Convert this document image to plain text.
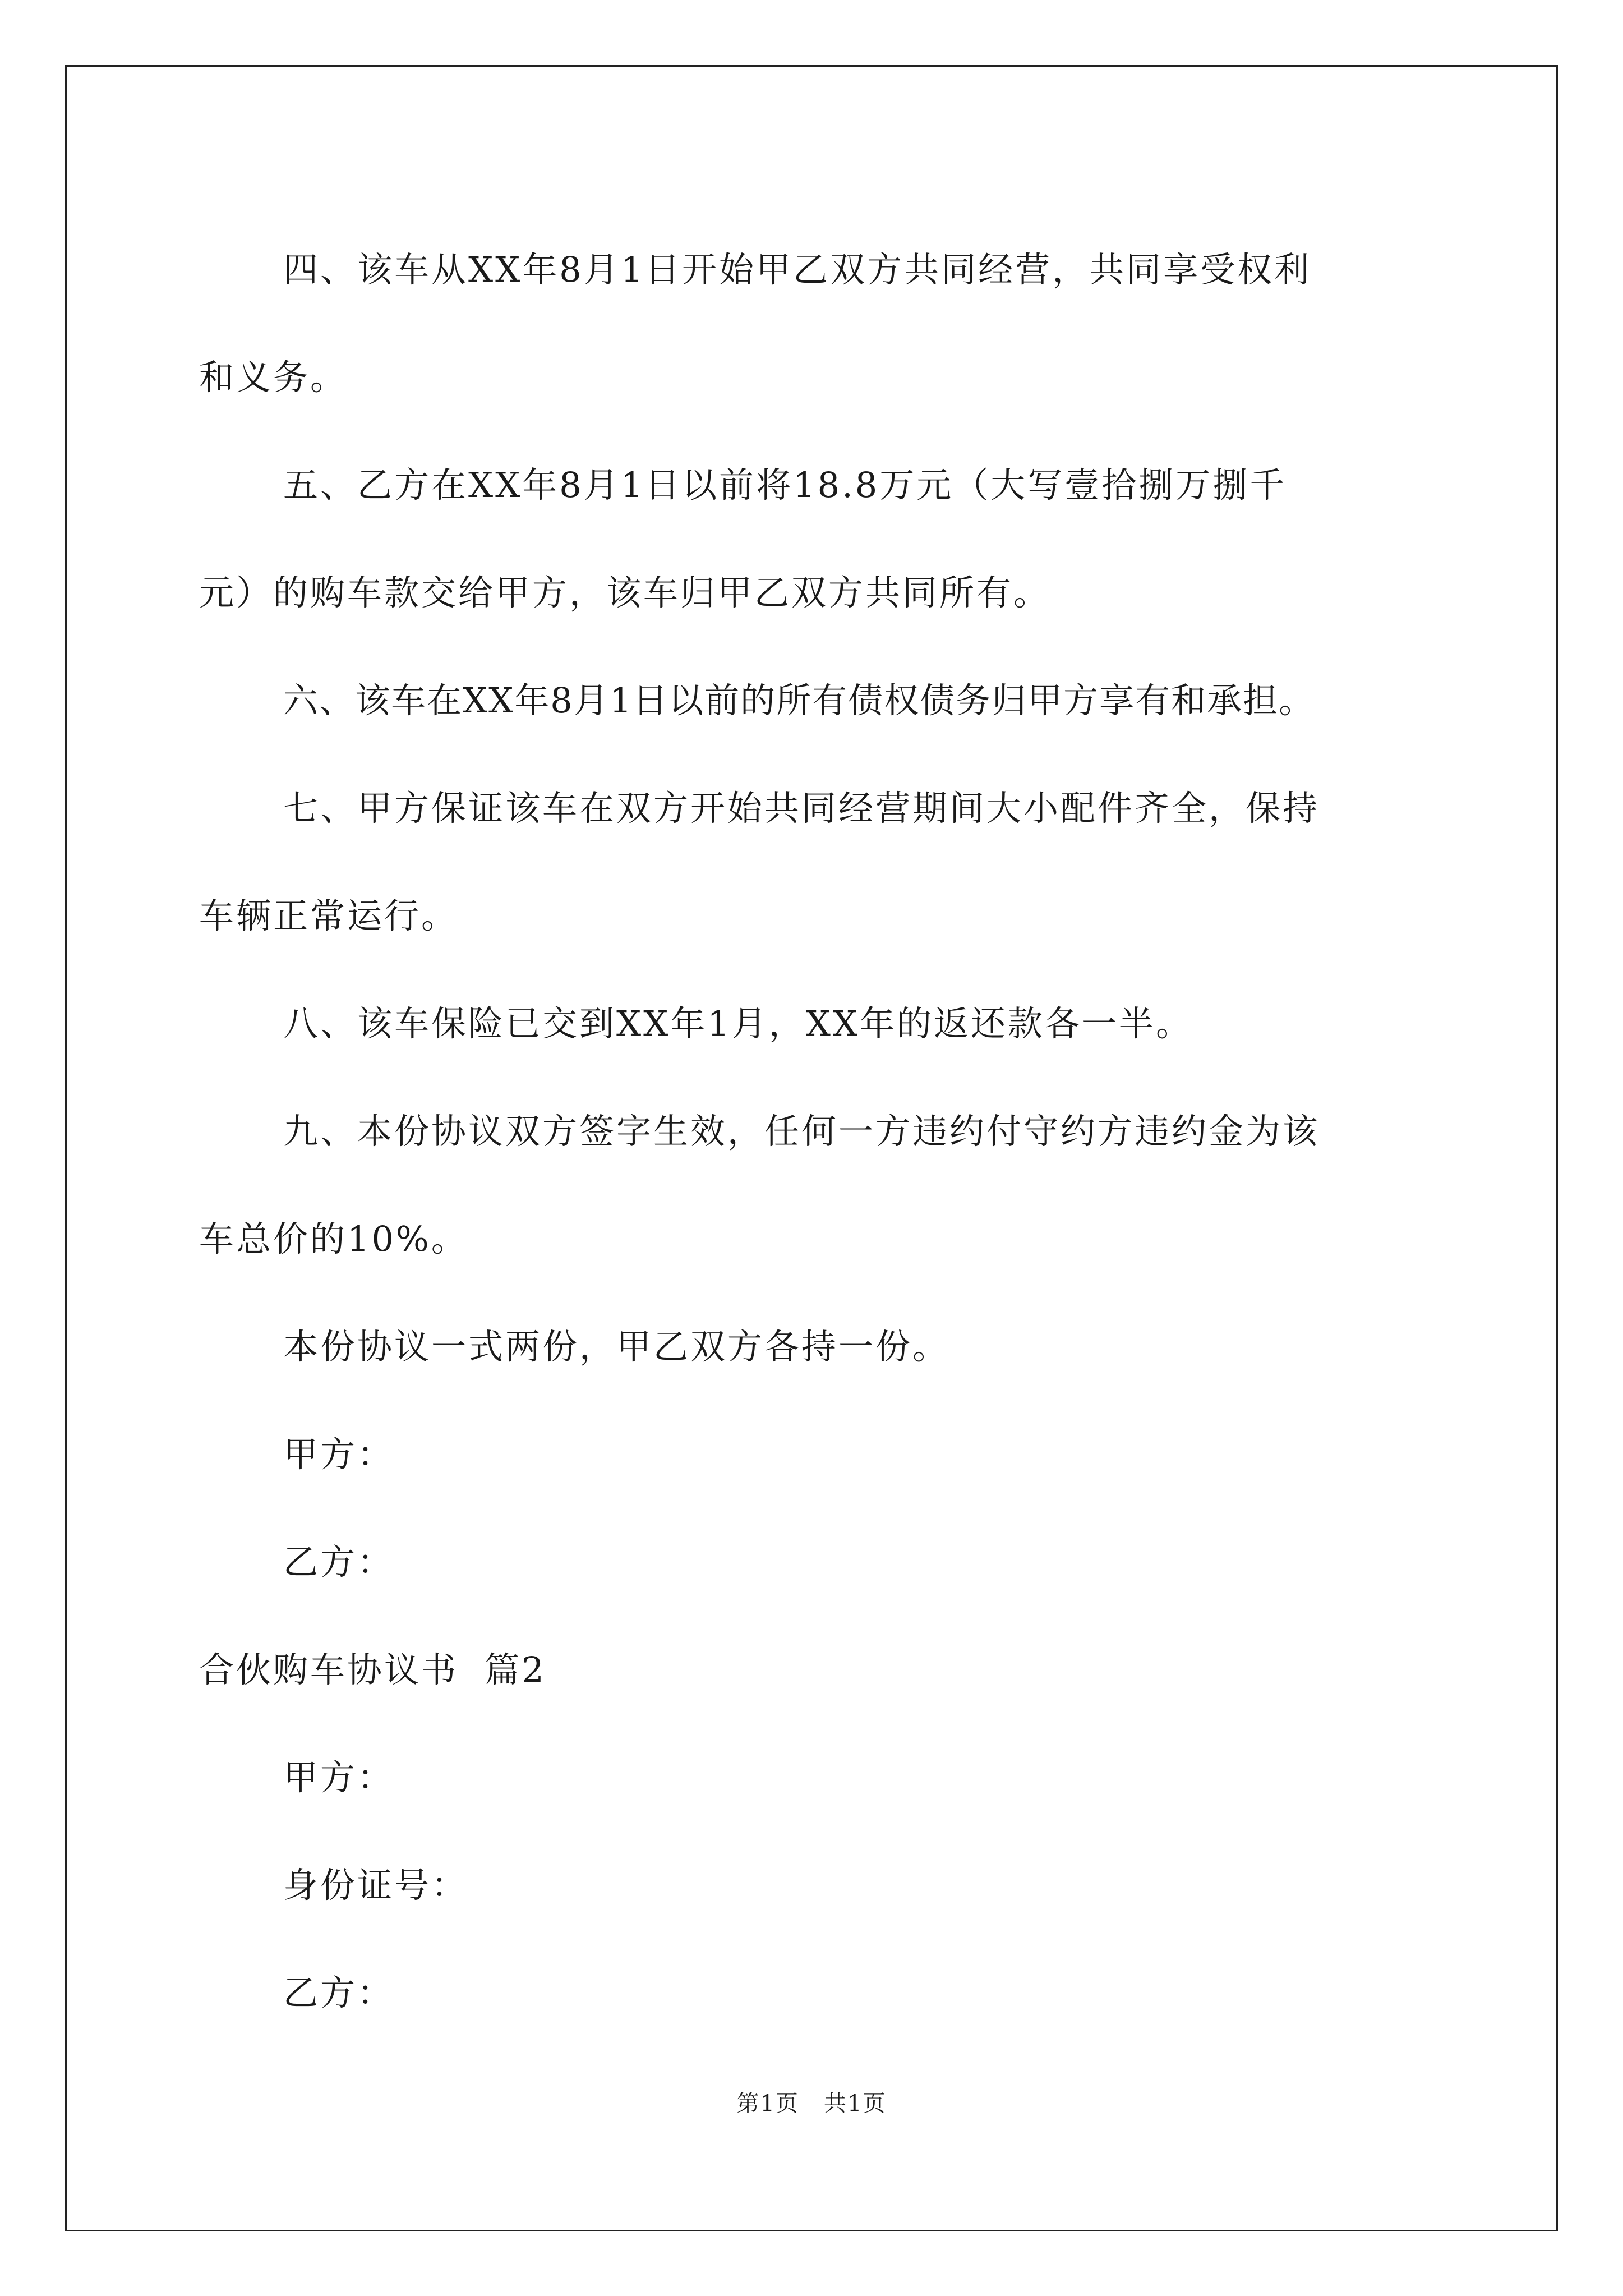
四、该车从XX年8月1日开始甲乙双方共同经营，共同享受权利
和义务。

五、乙方在XX年8月1日以前将18.8万元（大写壹拾捌万捌千
元）的购车款交给甲方，该车归甲乙双方共同所有。

六、该车在XX年8月1日以前的所有债权债务归甲方享有和承担。

七、甲方保证该车在双方开始共同经营期间大小配件齐全，保持
车辆正常运行。

八、该车保险已交到XX年1月，XX年的返还款各一半。

九、本份协议双方签字生效，任何一方违约付守约方违约金为该
车总价的10%。

本份协议一式两份，甲乙双方各持一份。

甲方：

乙方：

合伙购车协议书  篇2

甲方：

身份证号：

乙方：

第1页   共1页
